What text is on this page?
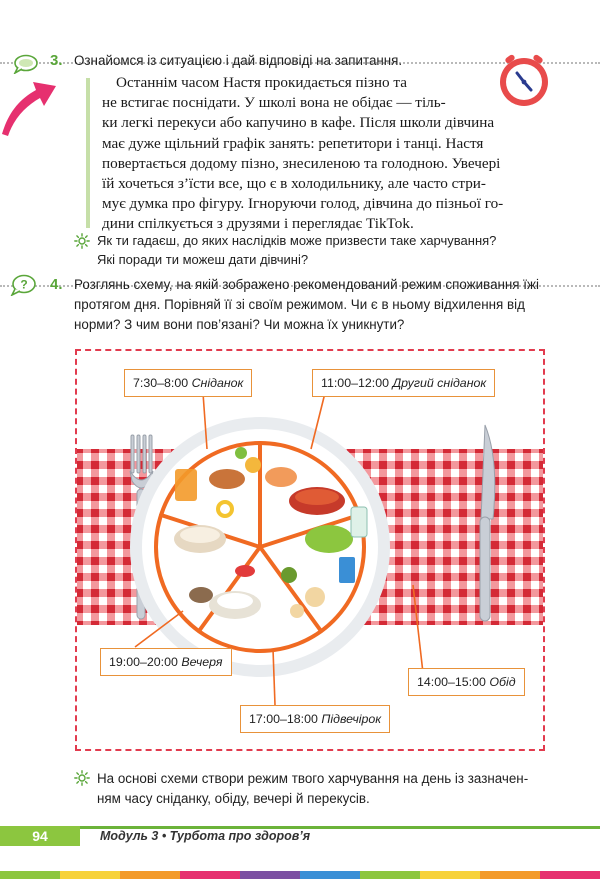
3. Ознайомся із ситуацією і дай відповіді на запитання.
Останнім часом Настя прокидається пізно та
не встигає поснідати. У школі вона не обідає — тіль-
ки легкі перекуси або капучино в кафе. Після школи дівчина
має дуже щільний графік занять: репетитори і танці. Настя
повертається додому пізно, знесиленою та голодною. Увечері
їй хочеться з’їсти все, що є в холодильнику, але часто стри-
мує думка про фігуру. Ігноруючи голод, дівчина до пізньої го-
дини спілкується з друзями і переглядає TikTok.
Як ти гадаєш, до яких наслідків може призвести таке харчування?
Які поради ти можеш дати дівчині?
? 4. Розглянь схему, на якій зображено рекомендований режим споживання їжі
протягом дня. Порівняй її зі своїм режимом. Чи є в ньому відхилення від
норми? З чим вони пов’язані? Чи можна їх уникнути?
7:30–8:00 Сніданок	11:00–12:00 Другий сніданок
14:00–15:00 Обід
17:00–18:00 Підвечірок
19:00–20:00 Вечеря
На основі схеми створи режим твого харчування на день із зазначен-
ням часу сніданку, обіду, вечері й перекусів.
94	Модуль 3 • Турбота про здоров’я
